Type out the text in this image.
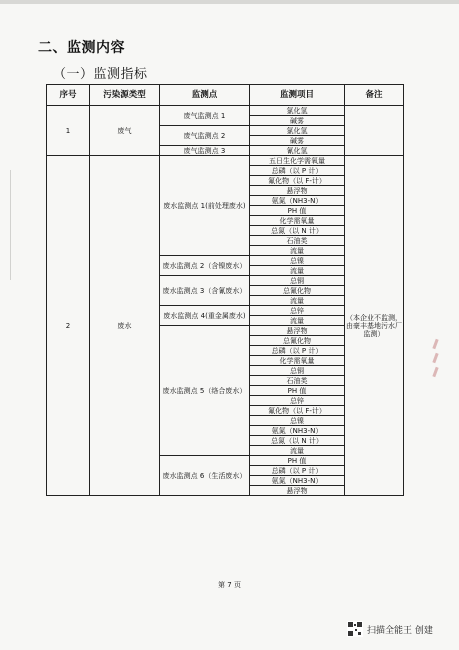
二、监测内容
（一）监测指标
序号	污染源类型	监测点	监测项目	备注
1	废气	废气监测点 1	氯化氢	
			碱雾	
		废气监测点 2	氯化氢	
			碱雾	
		废气监测点 3	氰化氢	
2	废水	废水监测点 1(前处理废水)	五日生化学需氧量	（本企业不监测，由豪丰基地污水厂监测）
			总磷（以 P 计）	
			氟化物（以 F-计）	
			悬浮物	
			氨氮（NH3-N）	
			PH 值	
			化学需氧量	
			总氮（以 N 计）	
			石油类	
			流量	
		废水监测点 2（含镍废水）	总镍	
			流量	
		废水监测点 3（含氰废水）	总铜	
			总氰化物	
			流量	
		废水监测点 4(重金属废水)	总锌	
			流量	
		废水监测点 5（络合废水）	悬浮物	
			总氰化物	
			总磷（以 P 计）	
			化学需氧量	
			总铜	
			石油类	
			PH 值	
			总锌	
			氟化物（以 F-计）	
			总镍	
			氨氮（NH3-N）	
			总氮（以 N 计）	
			流量	
		废水监测点 6（生活废水）	PH 值	
			总磷（以 P 计）	
			氨氮（NH3-N）	
			悬浮物	
第 7 页
扫描全能王 创建
